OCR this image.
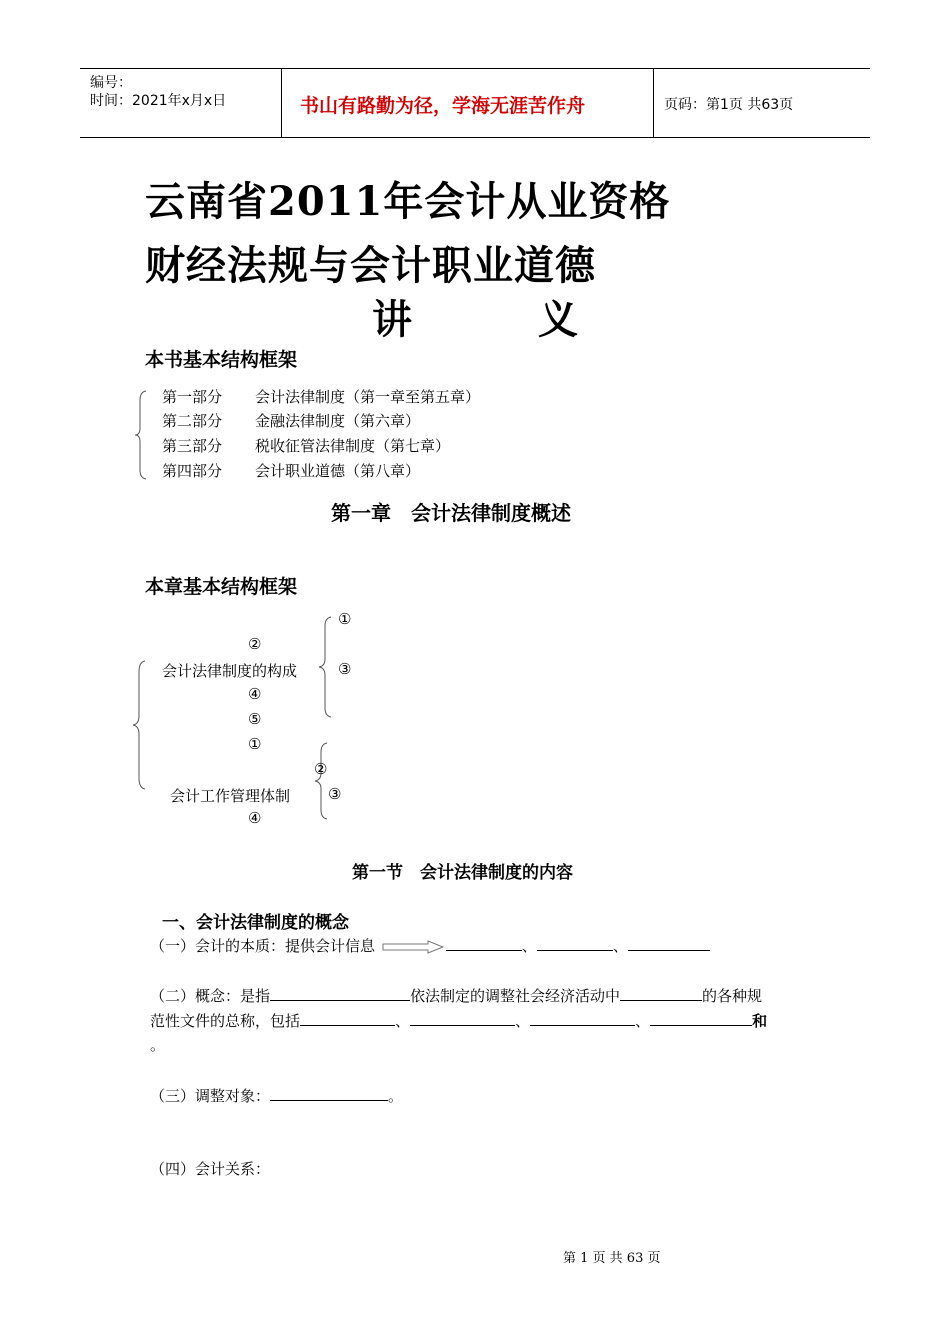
编号：
时间：2021年x月x日	书山有路勤为径，学海无涯苦作舟	页码：第1页 共63页
云南省2011年会计从业资格
财经法规与会计职业道德
讲	义
本书基本结构框架
第一部分 会计法律制度（第一章至第五章）
第二部分 金融法律制度（第六章）
第三部分 税收征管法律制度（第七章）
第四部分 会计职业道德（第八章）
第一章　会计法律制度概述
本章基本结构框架
①
②
会计法律制度的构成	③
④
⑤
①
②
会计工作管理体制	③
④
第一节　会计法律制度的内容
一、会计法律制度的概念
（一）会计的本质：提供会计信息	、	、
（二）概念：是指	依法制定的调整社会经济活动中	的各种规
范性文件的总称，包括	、	、	、	和
。
（三）调整对象：	。
（四）会计关系：
第 1 页 共 63 页
